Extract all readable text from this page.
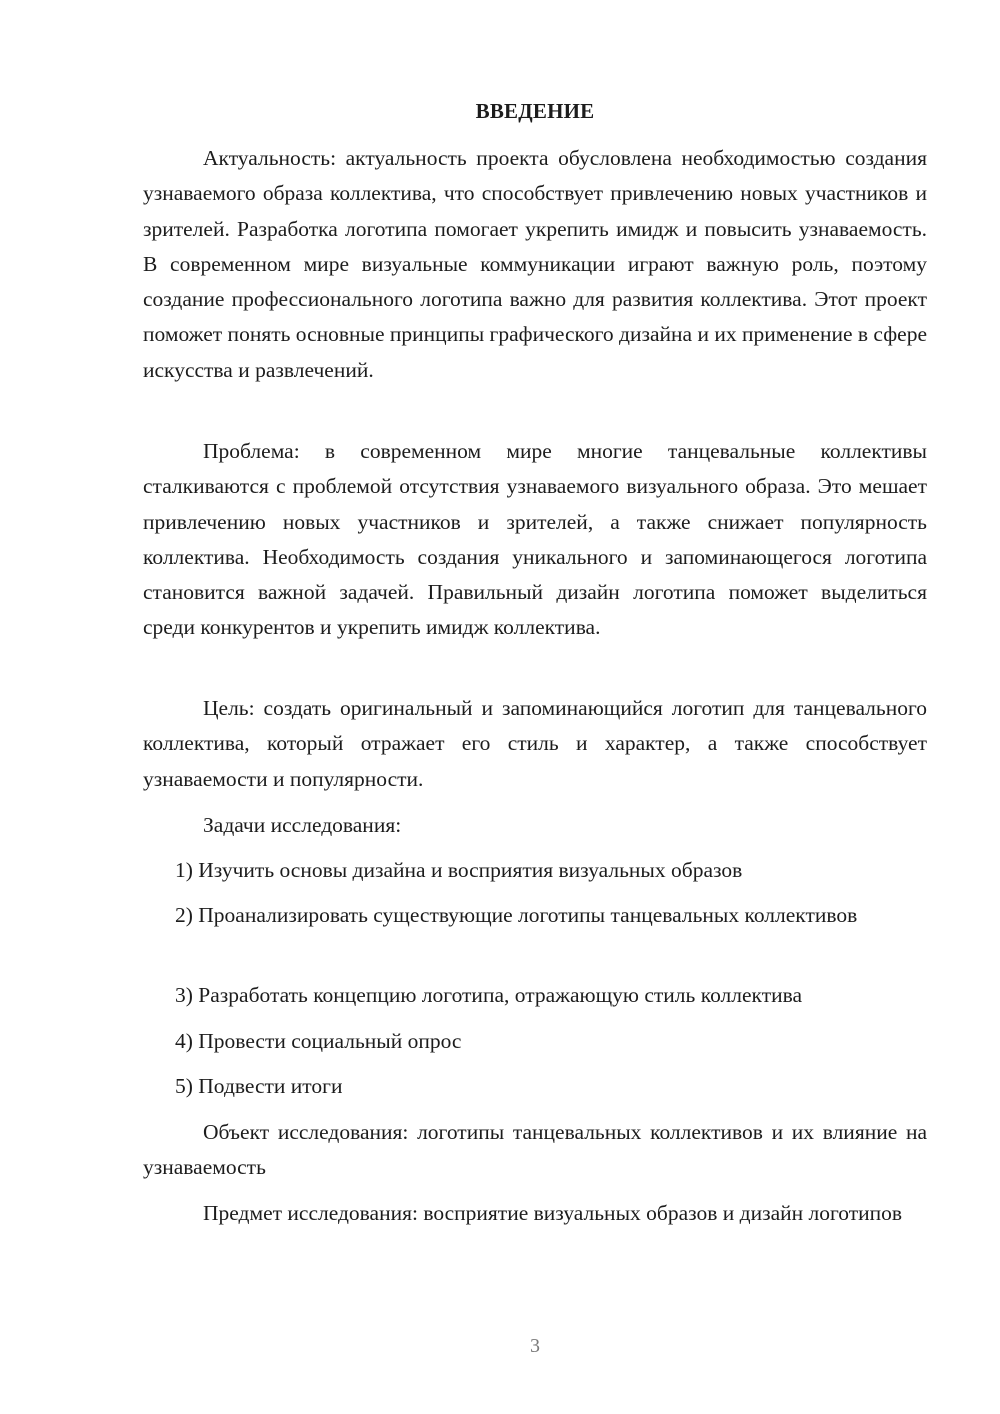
ВВЕДЕНИЕ

Актуальность: актуальность проекта обусловлена необходимостью создания узнаваемого образа коллектива, что способствует привлечению новых участников и зрителей. Разработка логотипа помогает укрепить имидж и повысить узнаваемость. В современном мире визуальные коммуникации играют важную роль, поэтому создание профессионального логотипа важно для развития коллектива. Этот проект поможет понять основные принципы графического дизайна и их применение в сфере искусства и развлечений.

Проблема: в современном мире многие танцевальные коллективы сталкиваются с проблемой отсутствия узнаваемого визуального образа. Это мешает привлечению новых участников и зрителей, а также снижает популярность коллектива. Необходимость создания уникального и запоминающегося логотипа становится важной задачей. Правильный дизайн логотипа поможет выделиться среди конкурентов и укрепить имидж коллектива.

Цель: создать оригинальный и запоминающийся логотип для танцевального коллектива, который отражает его стиль и характер, а также способствует узнаваемости и популярности.

Задачи исследования:

1) Изучить основы дизайна и восприятия визуальных образов

2) Проанализировать существующие логотипы танцевальных коллективов

3) Разработать концепцию логотипа, отражающую стиль коллектива

4) Провести социальный опрос

5) Подвести итоги

Объект исследования: логотипы танцевальных коллективов и их влияние на узнаваемость

Предмет исследования: восприятие визуальных образов и дизайн логотипов

3
